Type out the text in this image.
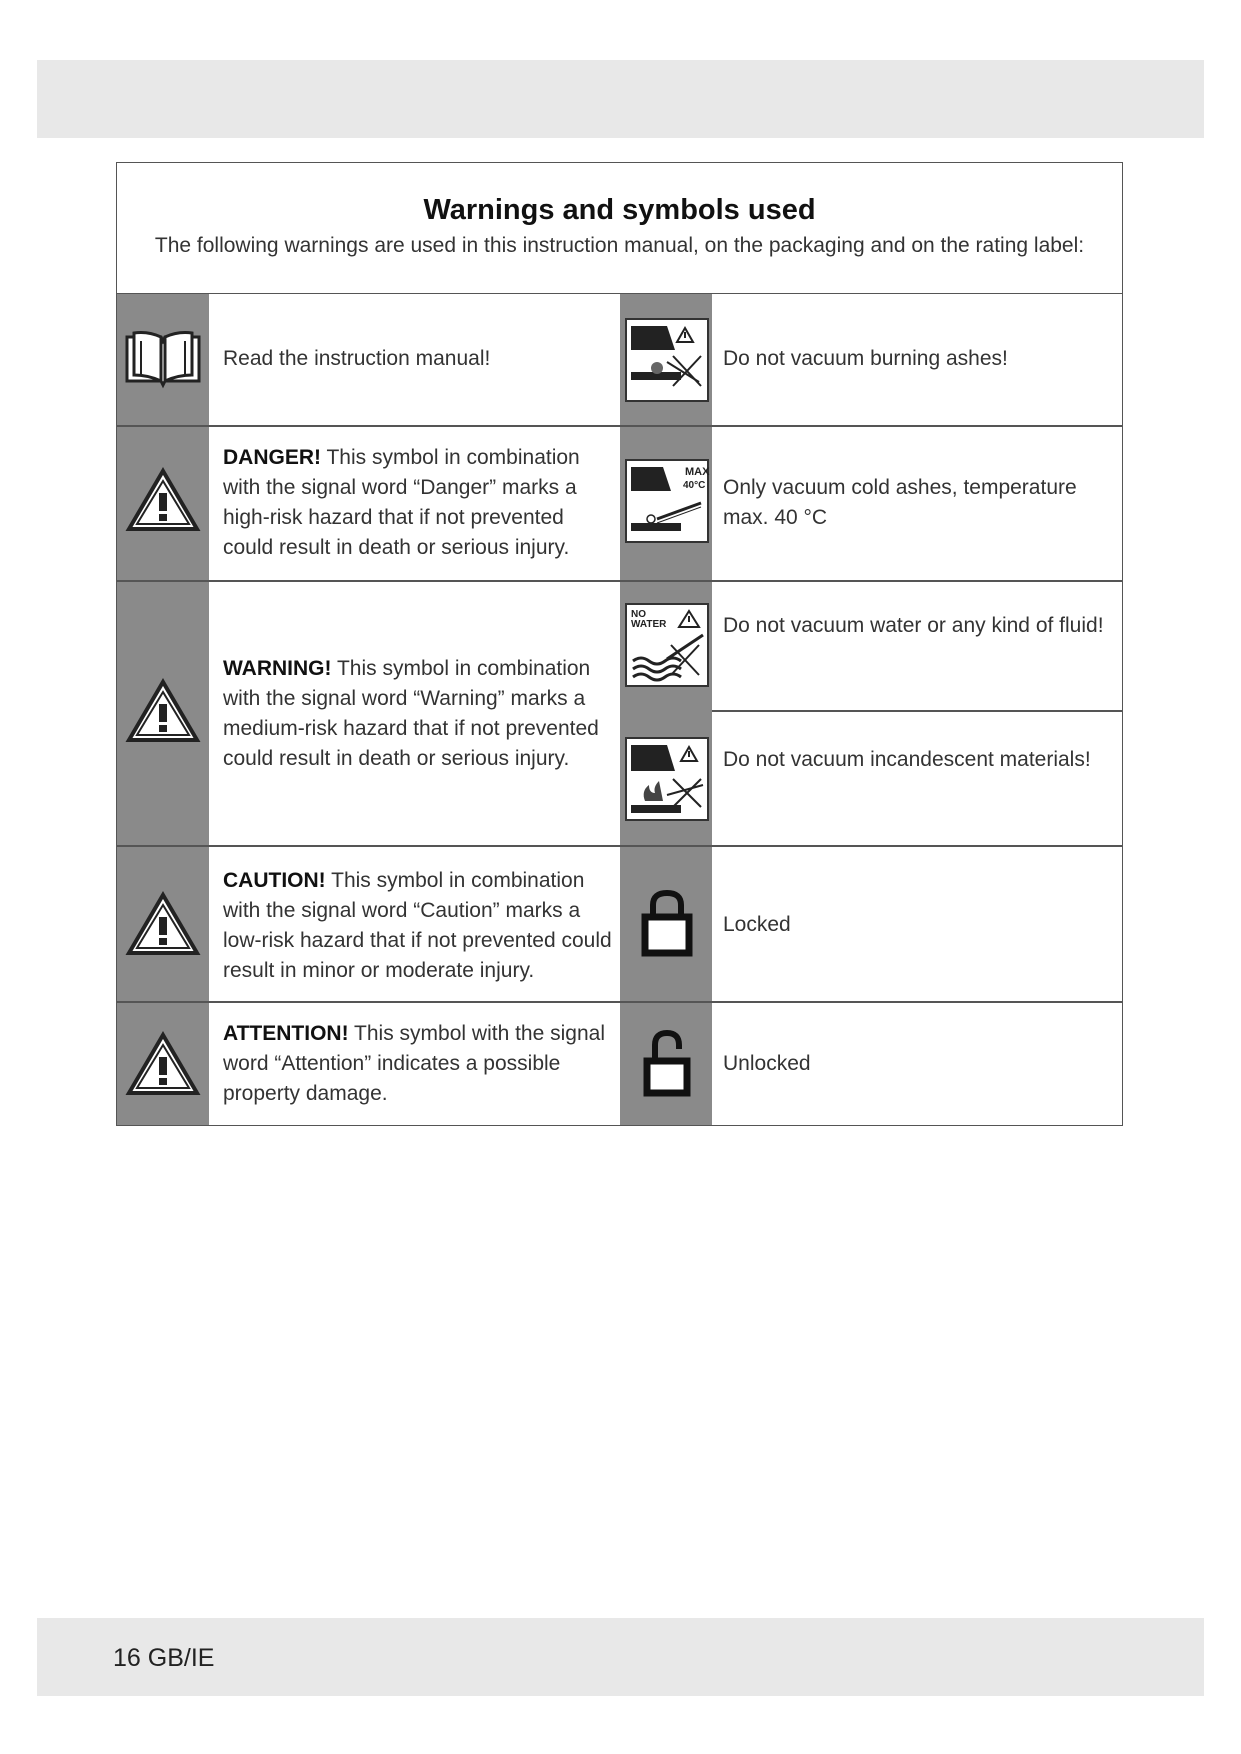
Warnings and symbols used

The following warnings are used in this instruction manual, on the packaging and on the rating label:

Read the instruction manual!	Do not vacuum burning ashes!
DANGER! This symbol in combination with the signal word “Danger” marks a high-risk hazard that if not prevented could result in death or serious injury.
MAX
40°C Only vacuum cold ashes, temperature max. 40 °C
WARNING! This symbol in combination with the signal word “Warning” marks a medium-risk hazard that if not prevented could result in death or serious injury.
NO
WATER	Do not vacuum water or any kind of fluid!
Do not vacuum incandescent materials!
CAUTION! This symbol in combination with the signal word “Caution” marks a low-risk hazard that if not prevented could result in minor or moderate injury.
Locked
ATTENTION! This symbol with the signal word “Attention” indicates a possible property damage.
Unlocked
16 GB/IE
